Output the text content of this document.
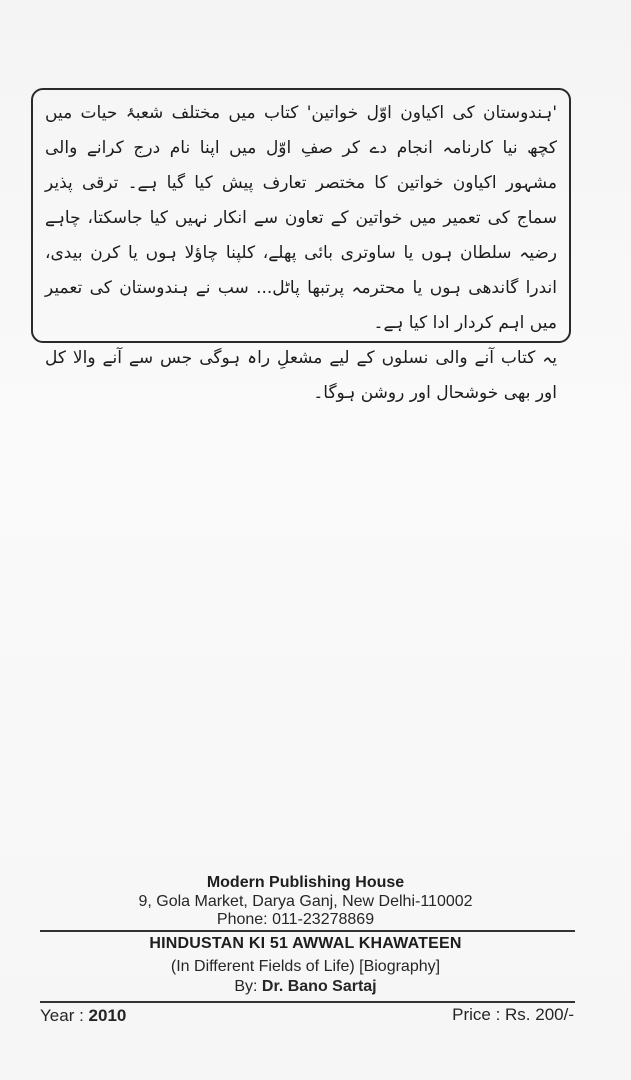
'ہندوستان کی اکیاون اوّل خواتین' کتاب میں مختلف شعبۂ حیات میں کچھ نیا کارنامہ انجام دے کر صفِ اوّل میں اپنا نام درج کرانے والی مشہور اکیاون خواتین کا مختصر تعارف پیش کیا گیا ہے۔ ترقی پذیر سماج کی تعمیر میں خواتین کے تعاون سے انکار نہیں کیا جاسکتا، چاہے رضیہ سلطان ہوں یا ساوتری بائی پھلے، کلپنا چاؤلا ہوں یا کرن بیدی، اندرا گاندھی ہوں یا محترمہ پرتبھا پاٹل... سب نے ہندوستان کی تعمیر میں اہم کردار ادا کیا ہے۔

یہ کتاب آنے والی نسلوں کے لیے مشعلِ راہ ہوگی جس سے آنے والا کل اور بھی خوشحال اور روشن ہوگا۔

Modern Publishing House
9, Gola Market, Darya Ganj, New Delhi-110002
Phone: 011-23278869
HINDUSTAN KI 51 AWWAL KHAWATEEN
(In Different Fields of Life) [Biography]
By: Dr. Bano Sartaj
Year : 2010	Price : Rs. 200/-
